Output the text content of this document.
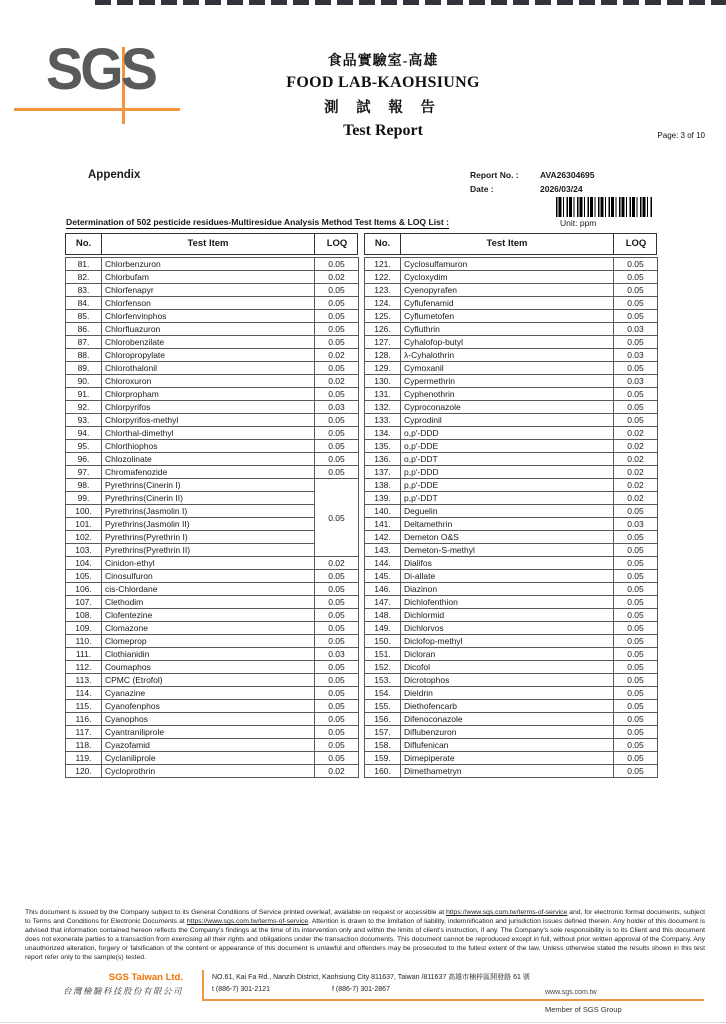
SGS	食品實驗室-高雄
FOOD LAB-KAOHSIUNG
測 試 報 告
Test Report	Page: 3 of 10
Appendix	Report No. :	AVA26304695
Date :	2026/03/24
Unit: ppm
Determination of 502 pesticide residues-Multiresidue Analysis Method Test Items & LOQ List :
No.	Test Item	LOQ
81.	Chlorbenzuron	0.05
82.	Chlorbufam	0.02
83.	Chlorfenapyr	0.05
84.	Chlorfenson	0.05
85.	Chlorfenvinphos	0.05
86.	Chlorfluazuron	0.05
87.	Chlorobenzilate	0.05
88.	Chloropropylate	0.02
89.	Chlorothalonil	0.05
90.	Chloroxuron	0.02
91.	Chlorpropham	0.05
92.	Chlorpyrifos	0.03
93.	Chlorpyrifos-methyl	0.05
94.	Chlorthal-dimethyl	0.05
95.	Chlorthiophos	0.05
96.	Chlozolinate	0.05
97.	Chromafenozide	0.05
98.	Pyrethrins(Cinerin I)	0.05
99.	Pyrethrins(Cinerin II)	
100.	Pyrethrins(Jasmolin I)	
101.	Pyrethrins(Jasmolin II)	
102.	Pyrethrins(Pyrethrin I)	
103.	Pyrethrins(Pyrethrin II)	
104.	Cinidon-ethyl	0.02
105.	Cinosulfuron	0.05
106.	cis-Chlordane	0.05
107.	Clethodim	0.05
108.	Clofentezine	0.05
109.	Clomazone	0.05
110.	Clomeprop	0.05
111.	Clothianidin	0.03
112.	Coumaphos	0.05
113.	CPMC (Etrofol)	0.05
114.	Cyanazine	0.05
115.	Cyanofenphos	0.05
116.	Cyanophos	0.05
117.	Cyantraniliprole	0.05
118.	Cyazofamid	0.05
119.	Cyclaniliprole	0.05
120.	Cycloprothrin	0.02
No.	Test Item	LOQ
121.	Cyclosulfamuron	0.05
122.	Cycloxydim	0.05
123.	Cyenopyrafen	0.05
124.	Cyflufenamid	0.05
125.	Cyflumetofen	0.05
126.	Cyfluthrin	0.03
127.	Cyhalofop-butyl	0.05
128.	λ-Cyhalothrin	0.03
129.	Cymoxanil	0.05
130.	Cypermethrin	0.03
131.	Cyphenothrin	0.05
132.	Cyproconazole	0.05
133.	Cyprodinil	0.05
134.	o,p'-DDD	0.02
135.	o,p'-DDE	0.02
136.	o,p'-DDT	0.02
137.	p,p'-DDD	0.02
138.	p,p'-DDE	0.02
139.	p,p'-DDT	0.02
140.	Deguelin	0.05
141.	Deltamethrin	0.03
142.	Demeton O&S	0.05
143.	Demeton-S-methyl	0.05
144.	Dialifos	0.05
145.	Di-allate	0.05
146.	Diazinon	0.05
147.	Dichlofenthion	0.05
148.	Dichlormid	0.05
149.	Dichlorvos	0.05
150.	Diclofop-methyl	0.05
151.	Dicloran	0.05
152.	Dicofol	0.05
153.	Dicrotophos	0.05
154.	Dieldrin	0.05
155.	Diethofencarb	0.05
156.	Difenoconazole	0.05
157.	Diflubenzuron	0.05
158.	Diflufenican	0.05
159.	Dimepiperate	0.05
160.	Dimethametryn	0.05
This document is issued by the Company subject to its General Conditions of Service printed overleaf, available on request or accessible at https://www.sgs.com.tw/terms-of-service and, for electronic format documents, subject to Terms and Conditions for Electronic Documents at https://www.sgs.com.tw/terms-of-service. Attention is drawn to the limitation of liability, indemnification and jurisdiction issues defined therein. Any holder of this document is advised that information contained hereon reflects the Company's findings at the time of its intervention only and within the limits of client's instruction, if any. The Company's sole responsibility is to its Client and this document does not exonerate parties to a transaction from exercising all their rights and obligations under the transaction documents. This document cannot be reproduced except in full, without prior written approval of the Company. Any unauthorized alteration, forgery or falsification of the content or appearance of this document is unlawful and offenders may be prosecuted to the fullest extent of the law. Unless otherwise stated the results shown in this test report refer only to the sample(s) tested.
SGS Taiwan Ltd.
台灣檢驗科技股份有限公司
NO.61, Kai Fa Rd., Nanzih District, Kaohsiung City 811637, Taiwan /811637 高雄市楠梓區開發路 61 號
t (886-7) 301-2121	f (886-7) 301-2867	www.sgs.com.tw
Member of SGS Group
